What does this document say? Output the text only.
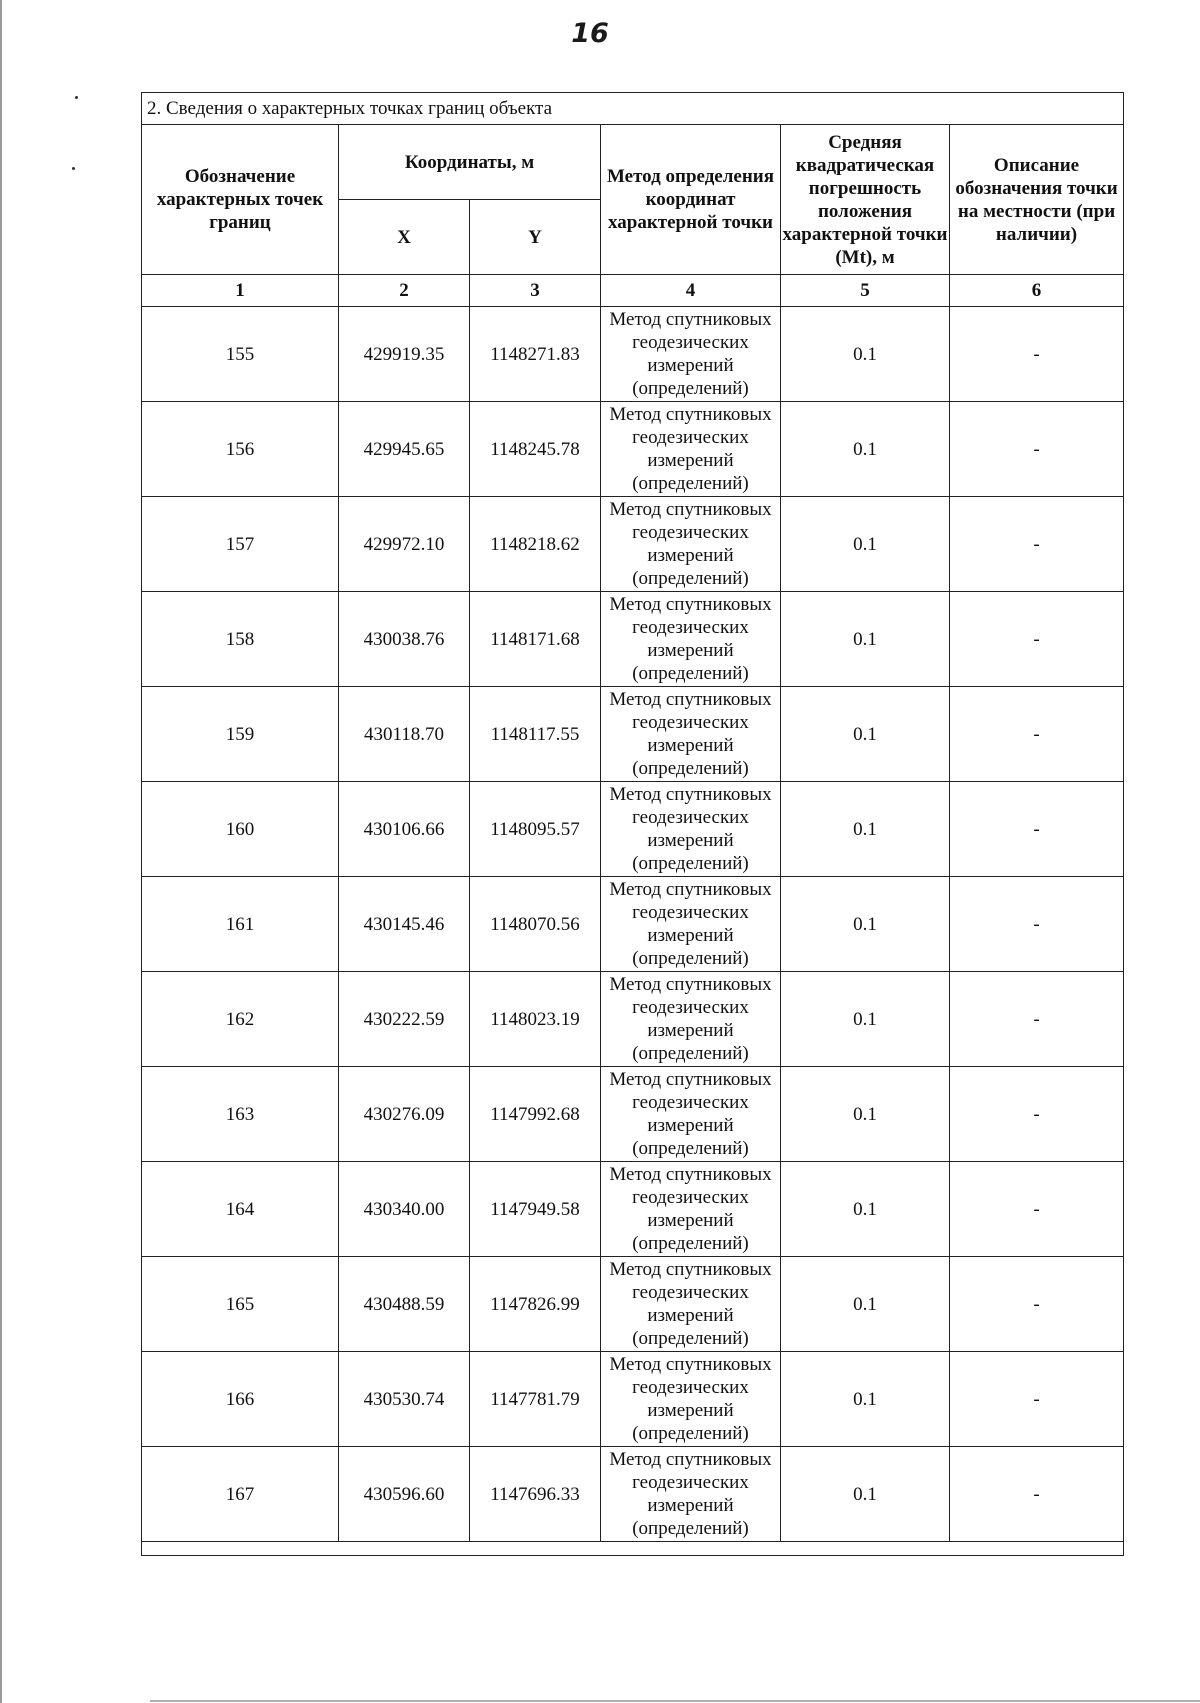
16
2. Сведения о характерных точках границ объекта					
Обозначение характерных точек границ	Координаты, м		Метод определения координат характерной точки	Средняя квадратическая погрешность положения характерной точки (Mt), м	Описание обозначения точки на местности (при наличии)
	X	Y			
1	2	3	4	5	6
155	429919.35	1148271.83	Метод спутниковых геодезических измерений (определений)	0.1	-
156	429945.65	1148245.78	Метод спутниковых геодезических измерений (определений)	0.1	-
157	429972.10	1148218.62	Метод спутниковых геодезических измерений (определений)	0.1	-
158	430038.76	1148171.68	Метод спутниковых геодезических измерений (определений)	0.1	-
159	430118.70	1148117.55	Метод спутниковых геодезических измерений (определений)	0.1	-
160	430106.66	1148095.57	Метод спутниковых геодезических измерений (определений)	0.1	-
161	430145.46	1148070.56	Метод спутниковых геодезических измерений (определений)	0.1	-
162	430222.59	1148023.19	Метод спутниковых геодезических измерений (определений)	0.1	-
163	430276.09	1147992.68	Метод спутниковых геодезических измерений (определений)	0.1	-
164	430340.00	1147949.58	Метод спутниковых геодезических измерений (определений)	0.1	-
165	430488.59	1147826.99	Метод спутниковых геодезических измерений (определений)	0.1	-
166	430530.74	1147781.79	Метод спутниковых геодезических измерений (определений)	0.1	-
167	430596.60	1147696.33	Метод спутниковых геодезических измерений (определений)	0.1	-
